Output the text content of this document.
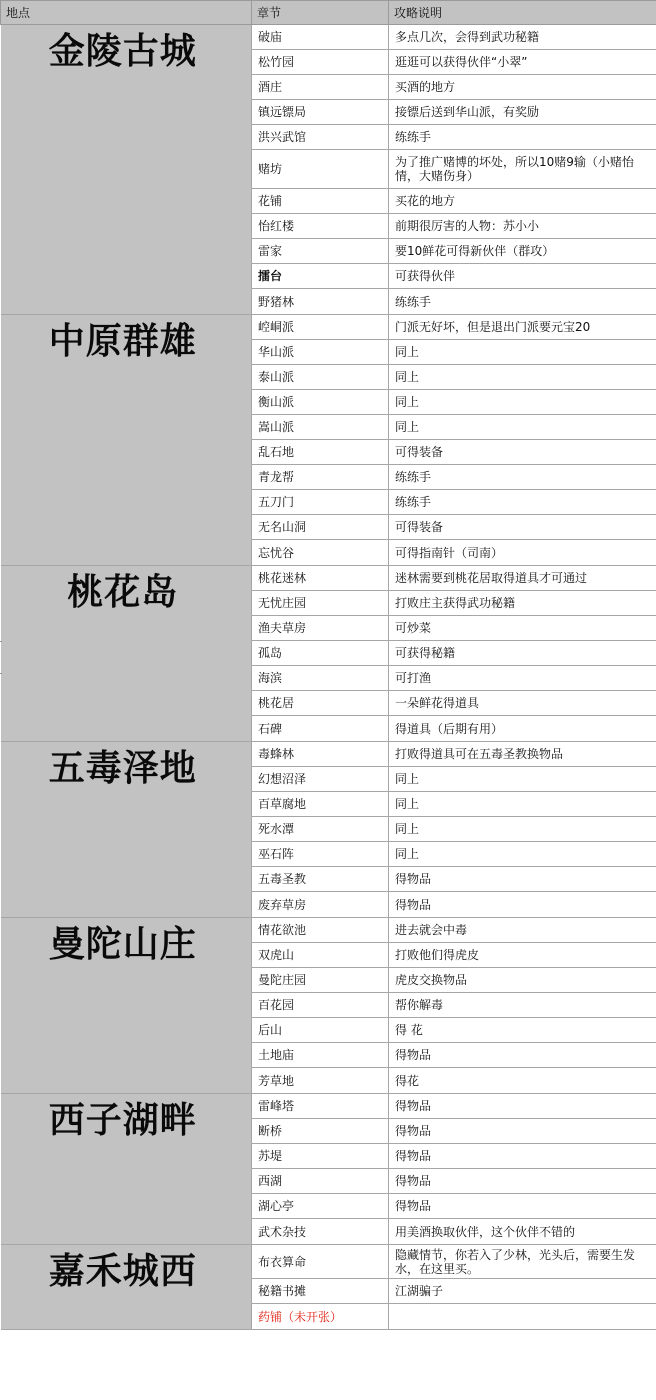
地点	章节	攻略说明

金陵古城	破庙	多点几次，会得到武功秘籍
	松竹园	逛逛可以获得伙伴“小翠”
	酒庄	买酒的地方
	镇远镖局	接镖后送到华山派，有奖励
	洪兴武馆	练练手
	赌坊	为了推广赌博的坏处，所以10赌9输（小赌怡情，大赌伤身）
	花铺	买花的地方
	怡红楼	前期很厉害的人物：苏小小
	雷家	要10鲜花可得新伙伴（群攻）
	擂台	可获得伙伴
	野猪林	练练手

中原群雄	崆峒派	门派无好坏，但是退出门派要元宝20
	华山派	同上
	泰山派	同上
	衡山派	同上
	嵩山派	同上
	乱石地	可得装备
	青龙帮	练练手
	五刀门	练练手
	无名山洞	可得装备
	忘忧谷	可得指南针（司南）

桃花岛	桃花迷林	迷林需要到桃花居取得道具才可通过
	无忧庄园	打败庄主获得武功秘籍
	渔夫草房	可炒菜
	孤岛	可获得秘籍
	海滨	可打渔
	桃花居	一朵鲜花得道具
	石碑	得道具（后期有用）

五毒泽地	毒蜂林	打败得道具可在五毒圣教换物品
	幻想沼泽	同上
	百草腐地	同上
	死水潭	同上
	巫石阵	同上
	五毒圣教	得物品
	废弃草房	得物品

曼陀山庄	情花欲池	进去就会中毒
	双虎山	打败他们得虎皮
	曼陀庄园	虎皮交换物品
	百花园	帮你解毒
	后山	得 花
	土地庙	得物品
	芳草地	得花

西子湖畔	雷峰塔	得物品
	断桥	得物品
	苏堤	得物品
	西湖	得物品
	湖心亭	得物品
	武术杂技	用美酒换取伙伴，这个伙伴不错的

嘉禾城西	布衣算命	隐藏情节，你若入了少林，光头后，需要生发水，在这里买。
	秘籍书摊	江湖骗子
	药铺（未开张）	
